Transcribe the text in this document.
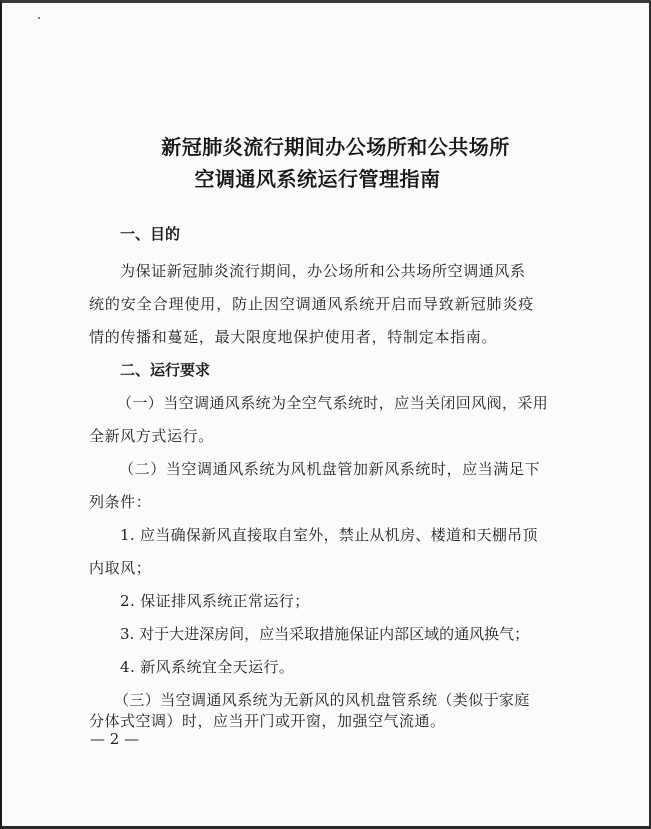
新冠肺炎流行期间办公场所和公共场所
空调通风系统运行管理指南
一、目的
为保证新冠肺炎流行期间，办公场所和公共场所空调通风系
统的安全合理使用，防止因空调通风系统开启而导致新冠肺炎疫
情的传播和蔓延，最大限度地保护使用者，特制定本指南。
二、运行要求
（一）当空调通风系统为全空气系统时，应当关闭回风阀，采用
全新风方式运行。
（二）当空调通风系统为风机盘管加新风系统时，应当满足下
列条件：
1. 应当确保新风直接取自室外，禁止从机房、楼道和天棚吊顶
内取风；
2. 保证排风系统正常运行；
3. 对于大进深房间，应当采取措施保证内部区域的通风换气；
4. 新风系统宜全天运行。
（三）当空调通风系统为无新风的风机盘管系统（类似于家庭
分体式空调）时，应当开门或开窗，加强空气流通。
— 2 —
